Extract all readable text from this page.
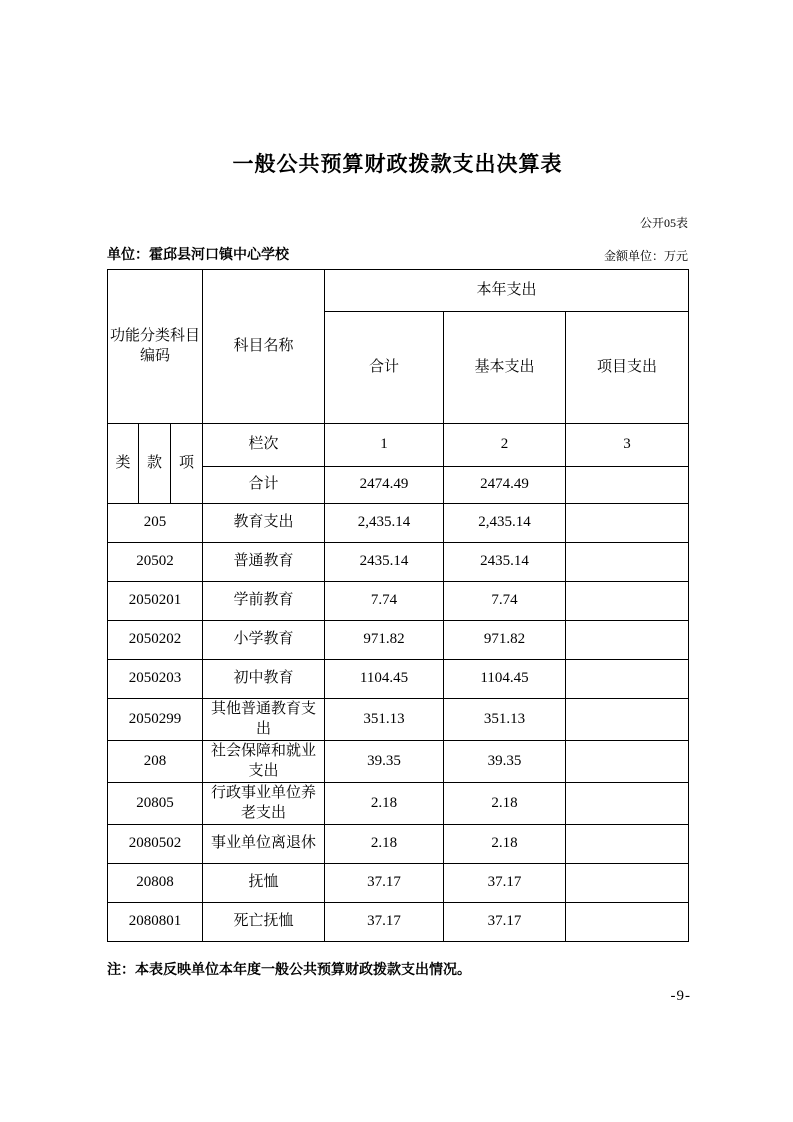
一般公共预算财政拨款支出决算表
公开05表
单位：霍邱县河口镇中心学校	金额单位：万元
功能分类科目编码			科目名称	本年支出		
				合计	基本支出	项目支出
类	款	项	栏次	1	2	3
			合计	2474.49	2474.49	
205			教育支出	2,435.14	2,435.14	
20502			普通教育	2435.14	2435.14	
2050201			学前教育	7.74	7.74	
2050202			小学教育	971.82	971.82	
2050203			初中教育	1104.45	1104.45	
2050299			其他普通教育支出	351.13	351.13	
208			社会保障和就业支出	39.35	39.35	
20805			行政事业单位养老支出	2.18	2.18	
2080502			事业单位离退休	2.18	2.18	
20808			抚恤	37.17	37.17	
2080801			死亡抚恤	37.17	37.17	
注：本表反映单位本年度一般公共预算财政拨款支出情况。
-9-
